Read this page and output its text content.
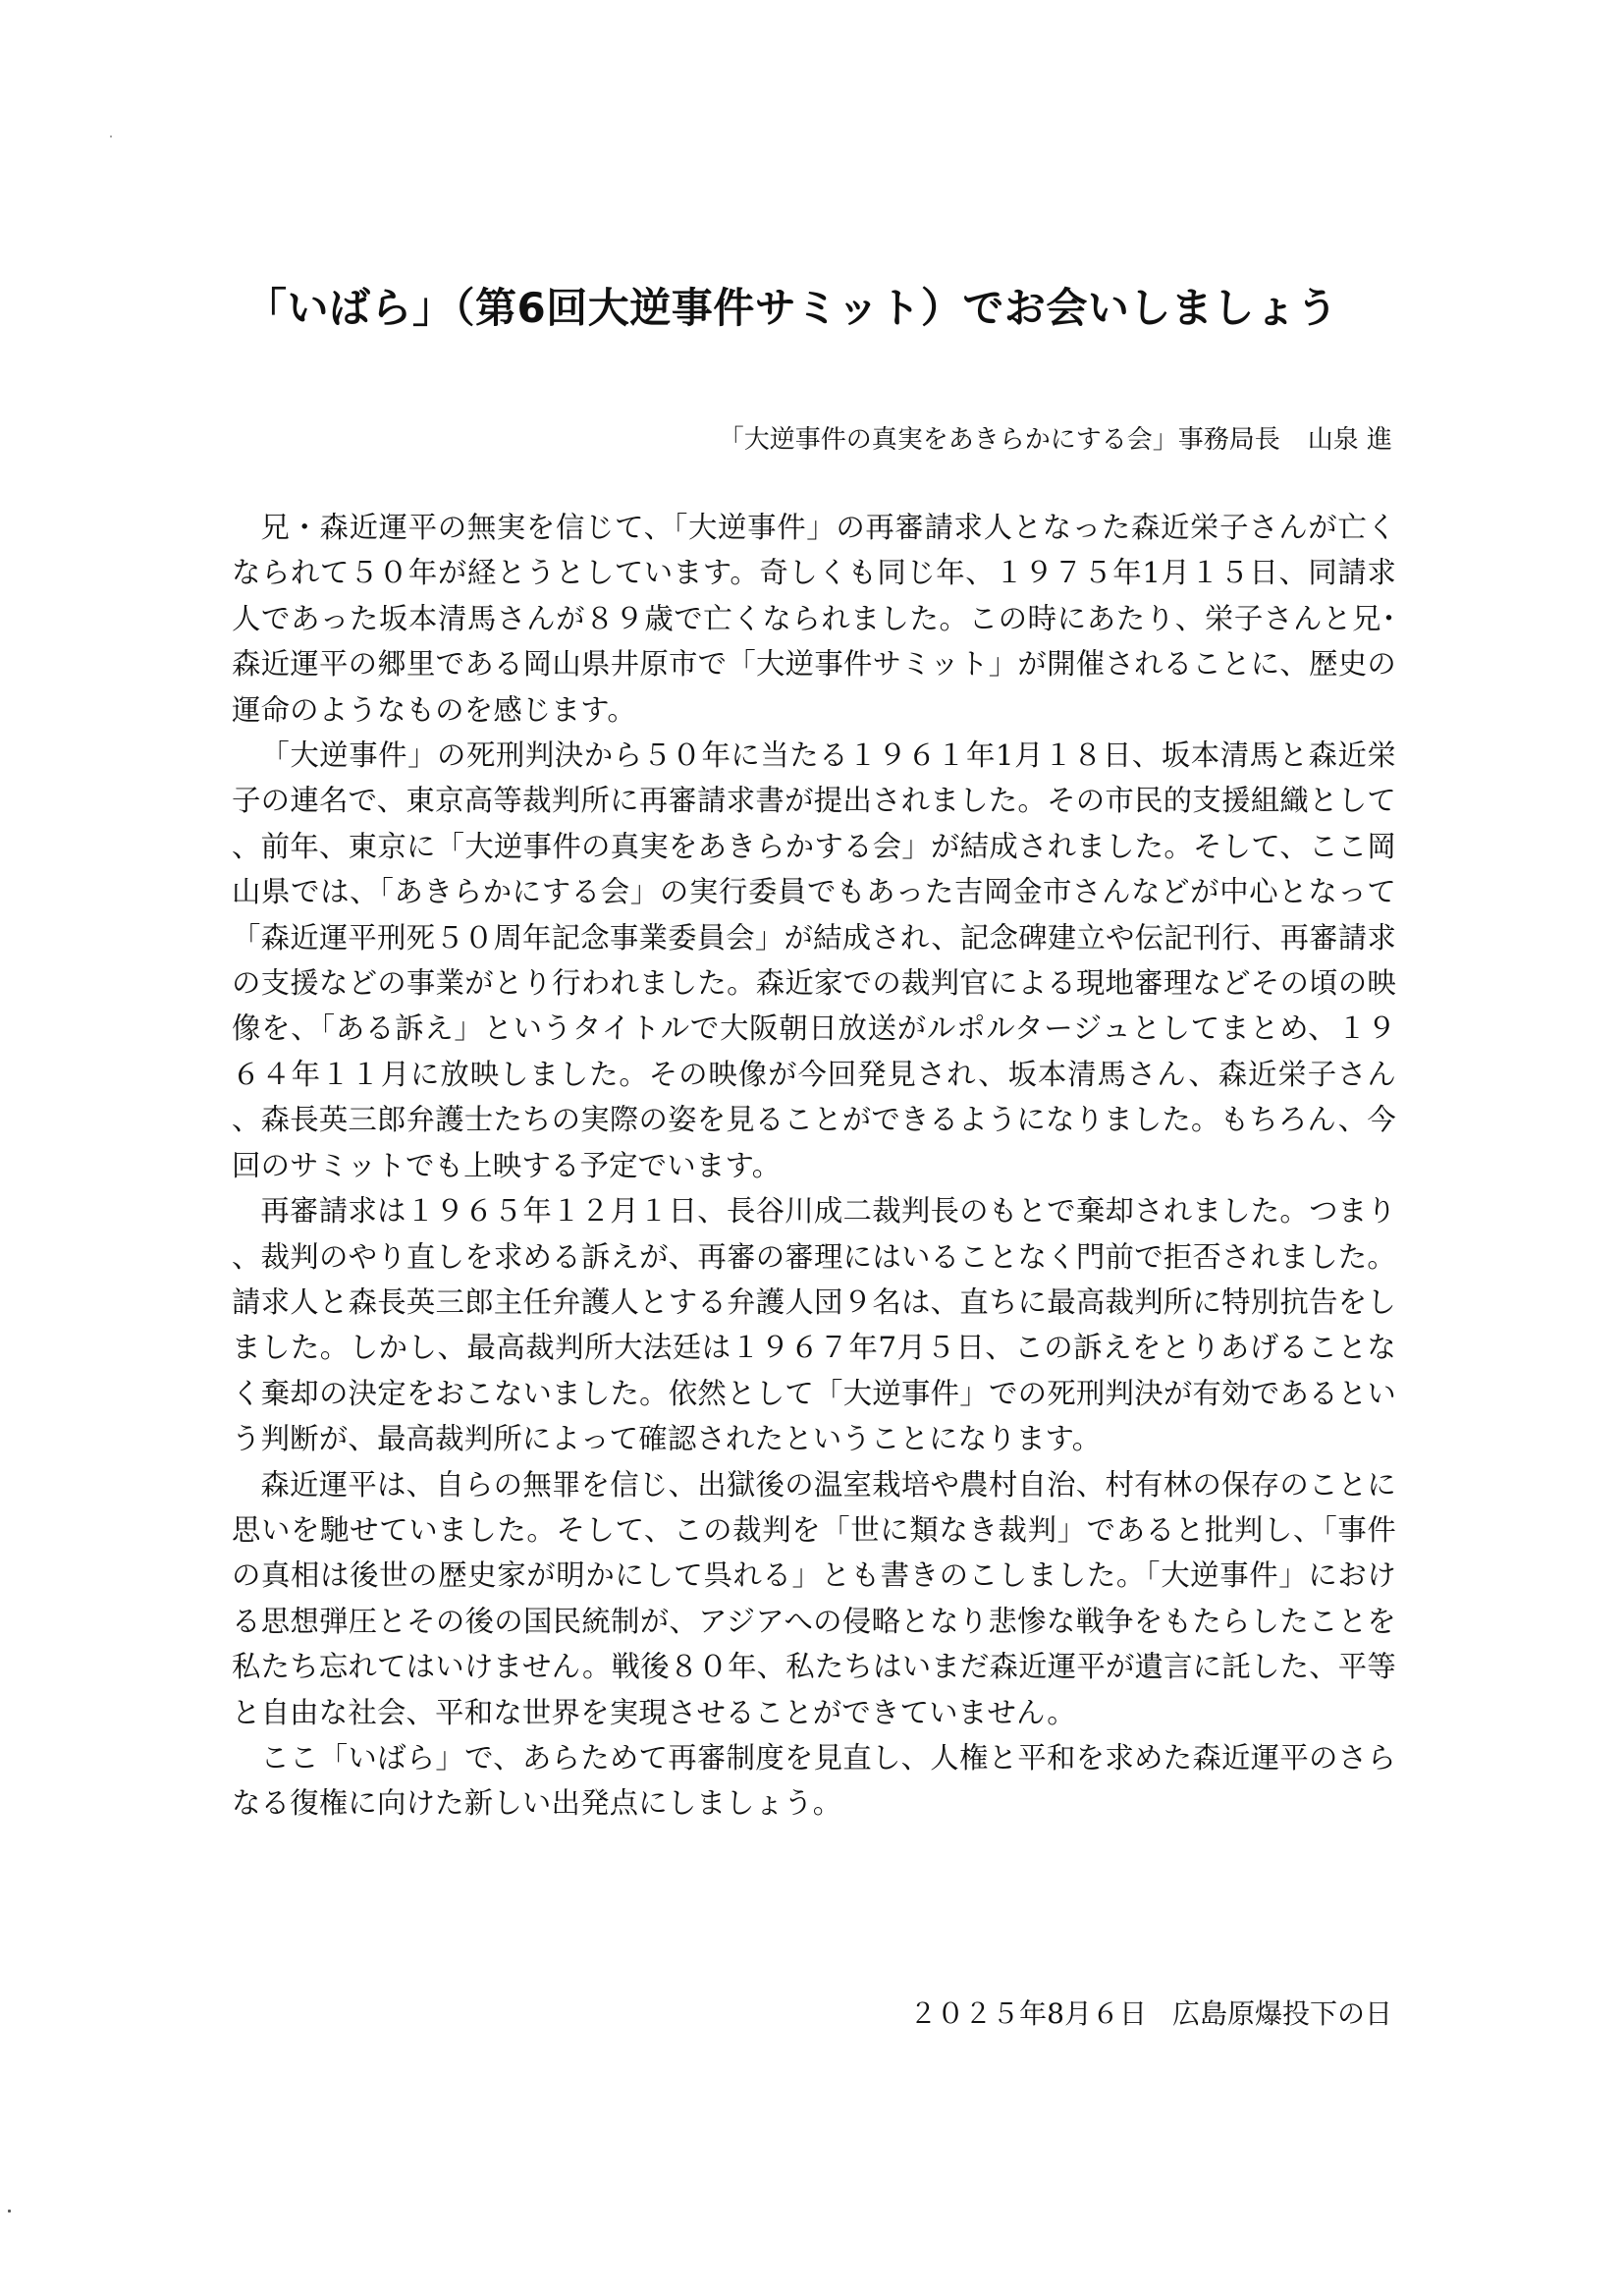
「いばら」（第6回大逆事件サミット）でお会いしましょう

「大逆事件の真実をあきらかにする会」事務局長 山泉 進

兄・森近運平の無実を信じて、「大逆事件」の再審請求人となった森近栄子さんが亡くなられて５０年が経とうとしています。奇しくも同じ年、１９７５年1月１５日、同請求人であった坂本清馬さんが８９歳で亡くなられました。この時にあたり、栄子さんと兄･森近運平の郷里である岡山県井原市で「大逆事件サミット」が開催されることに、歴史の運命のようなものを感じます。

「大逆事件」の死刑判決から５０年に当たる１９６１年1月１８日、坂本清馬と森近栄子の連名で、東京高等裁判所に再審請求書が提出されました。その市民的支援組織として、前年、東京に「大逆事件の真実をあきらかする会」が結成されました。そして、ここ岡山県では、「あきらかにする会」の実行委員でもあった吉岡金市さんなどが中心となって「森近運平刑死５０周年記念事業委員会」が結成され、記念碑建立や伝記刊行、再審請求の支援などの事業がとり行われました。森近家での裁判官による現地審理などその頃の映像を、「ある訴え」というタイトルで大阪朝日放送がルポルタージュとしてまとめ、１９６４年１１月に放映しました。その映像が今回発見され、坂本清馬さん、森近栄子さん、森長英三郎弁護士たちの実際の姿を見ることができるようになりました。もちろん、今回のサミットでも上映する予定でいます。

再審請求は１９６５年１２月１日、長谷川成二裁判長のもとで棄却されました。つまり、裁判のやり直しを求める訴えが、再審の審理にはいることなく門前で拒否されました。請求人と森長英三郎主任弁護人とする弁護人団９名は、直ちに最高裁判所に特別抗告をしました。しかし、最高裁判所大法廷は１９６７年7月５日、この訴えをとりあげることなく棄却の決定をおこないました。依然として「大逆事件」での死刑判決が有効であるという判断が、最高裁判所によって確認されたということになります。

森近運平は、自らの無罪を信じ、出獄後の温室栽培や農村自治、村有林の保存のことに思いを馳せていました。そして、この裁判を「世に類なき裁判」であると批判し、「事件の真相は後世の歴史家が明かにして呉れる」とも書きのこしました。「大逆事件」における思想弾圧とその後の国民統制が、アジアへの侵略となり悲惨な戦争をもたらしたことを私たち忘れてはいけません。戦後８０年、私たちはいまだ森近運平が遺言に託した、平等と自由な社会、平和な世界を実現させることができていません。

ここ「いばら」で、あらためて再審制度を見直し、人権と平和を求めた森近運平のさらなる復権に向けた新しい出発点にしましょう。

２０２５年8月６日 広島原爆投下の日
